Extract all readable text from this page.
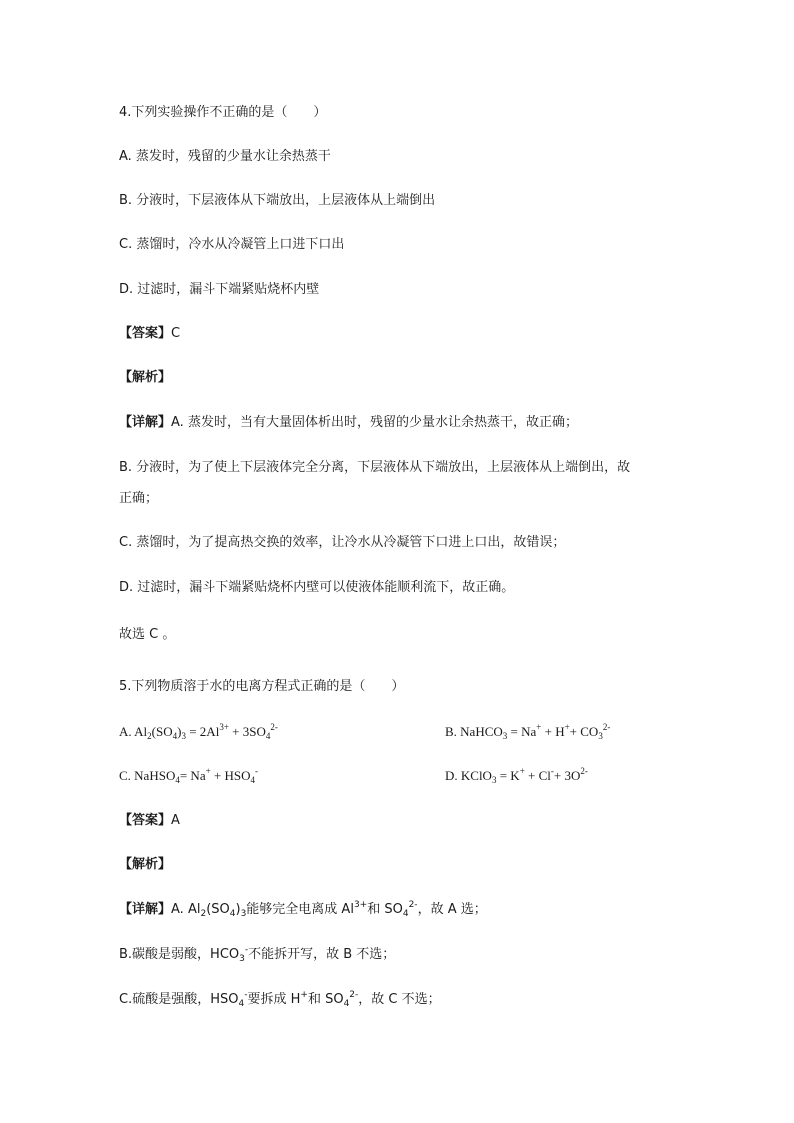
4.下列实验操作不正确的是（　　）
A. 蒸发时，残留的少量水让余热蒸干
B. 分液时，下层液体从下端放出，上层液体从上端倒出
C. 蒸馏时，冷水从冷凝管上口进下口出
D. 过滤时，漏斗下端紧贴烧杯内壁
【答案】C
【解析】
【详解】A. 蒸发时，当有大量固体析出时，残留的少量水让余热蒸干，故正确；
B. 分液时，为了使上下层液体完全分离，下层液体从下端放出，上层液体从上端倒出，故
正确；
C. 蒸馏时，为了提高热交换的效率，让冷水从冷凝管下口进上口出，故错误；
D. 过滤时，漏斗下端紧贴烧杯内壁可以使液体能顺利流下，故正确。
故选 C 。
5.下列物质溶于水的电离方程式正确的是（　　）
A. $Al_2(SO_4)_3 = 2Al^{3+} + 3SO_4^{2-}$	B. NaHCO$_3$ = $Na^+ + H^++ CO_3^{2-}$
C. NaHSO$_4$= $Na^+ + HSO_4^-$	D. KClO$_3$ = $K^+ + Cl^-+ 3O^{2-}$
【答案】A
【解析】
【详解】A. $Al_2(SO_4)_3$能够完全电离成 $Al^{3+}$和 $SO_4^{2-}$，故 A 选；
B.碳酸是弱酸，$HCO_3^-$不能拆开写，故 B 不选；
C.硫酸是强酸，$HSO_4^-$要拆成 H+和 $SO_4^{2-}$，故 C 不选；
